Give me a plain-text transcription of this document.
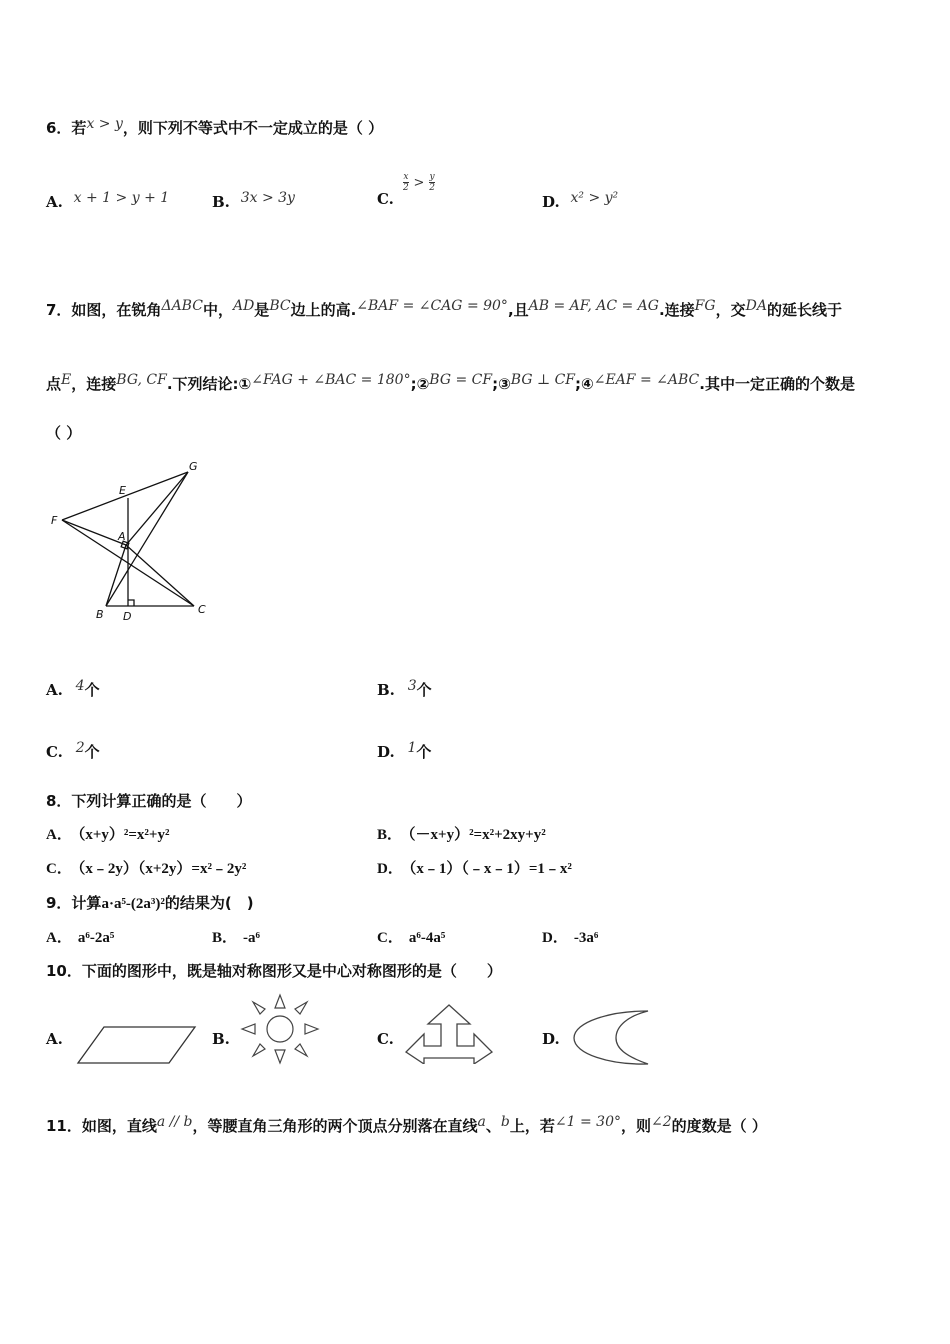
6．若x > y，则下列不等式中不一定成立的是（ ）
A. x + 1 > y + 1	B. 3x > 3y	C.
$\frac{x}{2} > \frac{y}{2}$
D. x² > y²
7．如图，在锐角ΔABC中，AD是BC边上的高.∠BAF = ∠CAG = 90°,且AB = AF, AC = AG.连接FG，交DA的延长线于
点E，连接BG, CF.下列结论:①∠FAG + ∠BAC = 180°;②BG = CF;③BG ⊥ CF;④∠EAF = ∠ABC.其中一定正确的个数是
（ ）
G
E
F
A
B D
C
A. 4个	B. 3个
C. 2个	D. 1个
8．下列计算正确的是（　　）
A． （x+y）²=x²+y²	B． （－x+y）²=x²+2xy+y²
C． （x﹣2y）（x+2y）=x²﹣2y²	D． （x﹣1）（﹣x﹣1）=1﹣x²
9．计算a·a⁵-(2a³)²的结果为(　)
A． a⁶-2a⁵	B． -a⁶	C． a⁶-4a⁵	D． -3a⁶
10．下面的图形中，既是轴对称图形又是中心对称图形的是（　　）
A.	B.	C.	D.
11．如图，直线a // b，等腰直角三角形的两个顶点分别落在直线a、b上，若∠1 = 30°，则∠2的度数是（ ）
